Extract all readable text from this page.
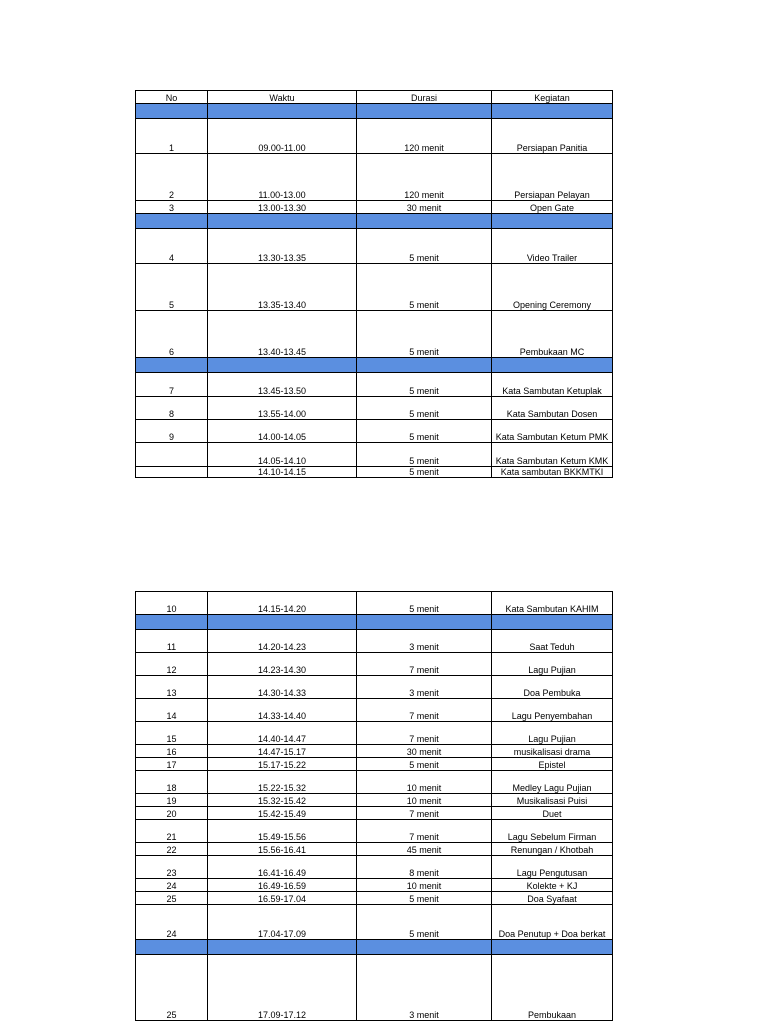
No	Waktu	Durasi	Kegiatan

1	09.00-11.00	120 menit	Persiapan Panitia
2	11.00-13.00	120 menit	Persiapan Pelayan
3	13.00-13.30	30 menit	Open Gate

4	13.30-13.35	5 menit	Video Trailer
5	13.35-13.40	5 menit	Opening Ceremony
6	13.40-13.45	5 menit	Pembukaan MC

7	13.45-13.50	5 menit	Kata Sambutan Ketuplak
8	13.55-14.00	5 menit	Kata Sambutan Dosen
9	14.00-14.05	5 menit	Kata Sambutan Ketum PMK
	14.05-14.10	5 menit	Kata Sambutan Ketum KMK
	14.10-14.15	5 menit	Kata sambutan BKKMTKI
10	14.15-14.20	5 menit	Kata Sambutan KAHIM

11	14.20-14.23	3 menit	Saat Teduh
12	14.23-14.30	7 menit	Lagu Pujian
13	14.30-14.33	3 menit	Doa Pembuka
14	14.33-14.40	7 menit	Lagu Penyembahan
15	14.40-14.47	7 menit	Lagu Pujian
16	14.47-15.17	30 menit	musikalisasi drama
17	15.17-15.22	5 menit	Epistel
18	15.22-15.32	10 menit	Medley Lagu Pujian
19	15.32-15.42	10 menit	Musikalisasi Puisi
20	15.42-15.49	7 menit	Duet
21	15.49-15.56	7 menit	Lagu Sebelum Firman
22	15.56-16.41	45 menit	Renungan / Khotbah
23	16.41-16.49	8 menit	Lagu Pengutusan
24	16.49-16.59	10 menit	Kolekte + KJ
25	16.59-17.04	5 menit	Doa Syafaat
24	17.04-17.09	5 menit	Doa Penutup + Doa berkat

25	17.09-17.12	3 menit	Pembukaan
